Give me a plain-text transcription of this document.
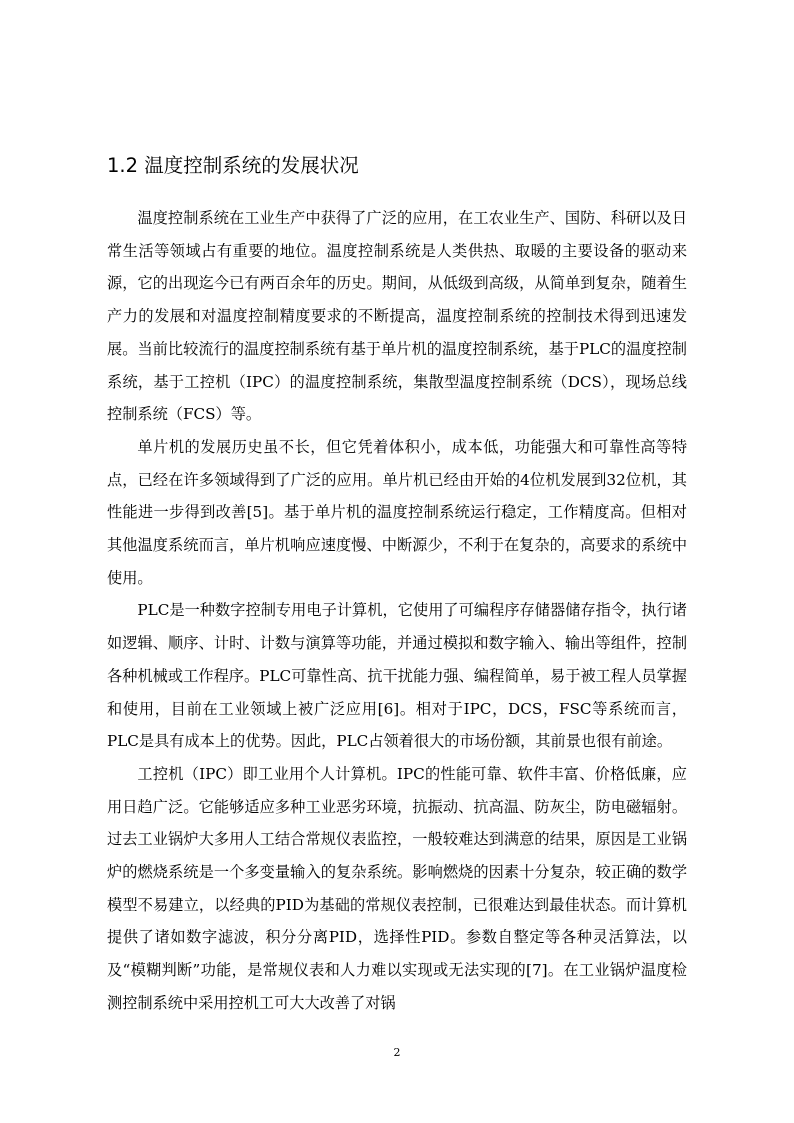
1.2 温度控制系统的发展状况

温度控制系统在工业生产中获得了广泛的应用，在工农业生产、国防、科研以及日常生活等领域占有重要的地位。温度控制系统是人类供热、取暖的主要设备的驱动来源，它的出现迄今已有两百余年的历史。期间，从低级到高级，从简单到复杂，随着生产力的发展和对温度控制精度要求的不断提高，温度控制系统的控制技术得到迅速发展。当前比较流行的温度控制系统有基于单片机的温度控制系统，基于PLC的温度控制系统，基于工控机（IPC）的温度控制系统，集散型温度控制系统（DCS），现场总线控制系统（FCS）等。

单片机的发展历史虽不长，但它凭着体积小，成本低，功能强大和可靠性高等特点，已经在许多领域得到了广泛的应用。单片机已经由开始的4位机发展到32位机，其性能进一步得到改善[5]。基于单片机的温度控制系统运行稳定，工作精度高。但相对其他温度系统而言，单片机响应速度慢、中断源少，不利于在复杂的，高要求的系统中使用。

PLC是一种数字控制专用电子计算机，它使用了可编程序存储器储存指令，执行诸如逻辑、顺序、计时、计数与演算等功能，并通过模拟和数字输入、输出等组件，控制各种机械或工作程序。PLC可靠性高、抗干扰能力强、编程简单，易于被工程人员掌握和使用，目前在工业领域上被广泛应用[6]。相对于IPC，DCS，FSC等系统而言，PLC是具有成本上的优势。因此，PLC占领着很大的市场份额，其前景也很有前途。

工控机（IPC）即工业用个人计算机。IPC的性能可靠、软件丰富、价格低廉，应用日趋广泛。它能够适应多种工业恶劣环境，抗振动、抗高温、防灰尘，防电磁辐射。过去工业锅炉大多用人工结合常规仪表监控，一般较难达到满意的结果，原因是工业锅炉的燃烧系统是一个多变量输入的复杂系统。影响燃烧的因素十分复杂，较正确的数学模型不易建立，以经典的PID为基础的常规仪表控制，已很难达到最佳状态。而计算机提供了诸如数字滤波，积分分离PID，选择性PID。参数自整定等各种灵活算法，以及“模糊判断”功能，是常规仪表和人力难以实现或无法实现的[7]。在工业锅炉温度检测控制系统中采用控机工可大大改善了对锅

2
